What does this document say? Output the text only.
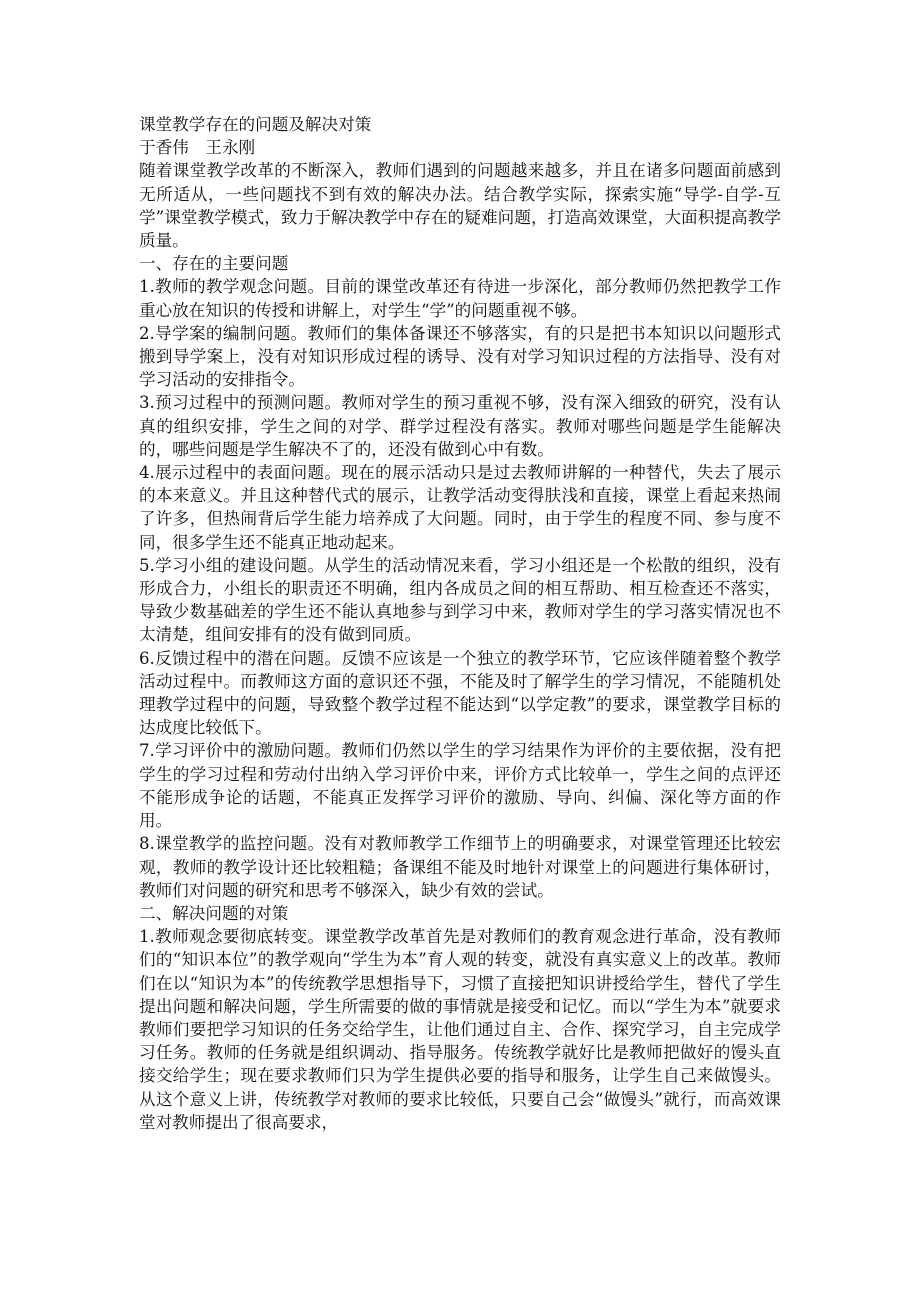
课堂教学存在的问题及解决对策

于香伟　王永刚

随着课堂教学改革的不断深入，教师们遇到的问题越来越多，并且在诸多问题面前感到无所适从，一些问题找不到有效的解决办法。结合教学实际，探索实施“导学-自学-互学”课堂教学模式，致力于解决教学中存在的疑难问题，打造高效课堂，大面积提高教学质量。

一、存在的主要问题

1.教师的教学观念问题。目前的课堂改革还有待进一步深化，部分教师仍然把教学工作重心放在知识的传授和讲解上，对学生“学”的问题重视不够。

2.导学案的编制问题。教师们的集体备课还不够落实，有的只是把书本知识以问题形式搬到导学案上，没有对知识形成过程的诱导、没有对学习知识过程的方法指导、没有对学习活动的安排指令。

3.预习过程中的预测问题。教师对学生的预习重视不够，没有深入细致的研究，没有认真的组织安排，学生之间的对学、群学过程没有落实。教师对哪些问题是学生能解决的，哪些问题是学生解决不了的，还没有做到心中有数。

4.展示过程中的表面问题。现在的展示活动只是过去教师讲解的一种替代，失去了展示的本来意义。并且这种替代式的展示，让教学活动变得肤浅和直接，课堂上看起来热闹了许多，但热闹背后学生能力培养成了大问题。同时，由于学生的程度不同、参与度不同，很多学生还不能真正地动起来。

5.学习小组的建设问题。从学生的活动情况来看，学习小组还是一个松散的组织，没有形成合力，小组长的职责还不明确，组内各成员之间的相互帮助、相互检查还不落实，导致少数基础差的学生还不能认真地参与到学习中来，教师对学生的学习落实情况也不太清楚，组间安排有的没有做到同质。

6.反馈过程中的潜在问题。反馈不应该是一个独立的教学环节，它应该伴随着整个教学活动过程中。而教师这方面的意识还不强，不能及时了解学生的学习情况，不能随机处理教学过程中的问题，导致整个教学过程不能达到“以学定教”的要求，课堂教学目标的达成度比较低下。

7.学习评价中的激励问题。教师们仍然以学生的学习结果作为评价的主要依据，没有把学生的学习过程和劳动付出纳入学习评价中来，评价方式比较单一，学生之间的点评还不能形成争论的话题，不能真正发挥学习评价的激励、导向、纠偏、深化等方面的作用。

8.课堂教学的监控问题。没有对教师教学工作细节上的明确要求，对课堂管理还比较宏观，教师的教学设计还比较粗糙；备课组不能及时地针对课堂上的问题进行集体研讨，教师们对问题的研究和思考不够深入，缺少有效的尝试。

二、解决问题的对策

1.教师观念要彻底转变。课堂教学改革首先是对教师们的教育观念进行革命，没有教师们的“知识本位”的教学观向“学生为本”育人观的转变，就没有真实意义上的改革。教师们在以“知识为本”的传统教学思想指导下，习惯了直接把知识讲授给学生，替代了学生提出问题和解决问题，学生所需要的做的事情就是接受和记忆。而以“学生为本”就要求教师们要把学习知识的任务交给学生，让他们通过自主、合作、探究学习，自主完成学习任务。教师的任务就是组织调动、指导服务。传统教学就好比是教师把做好的馒头直接交给学生；现在要求教师们只为学生提供必要的指导和服务，让学生自己来做馒头。从这个意义上讲，传统教学对教师的要求比较低，只要自己会“做馒头”就行，而高效课堂对教师提出了很高要求，
